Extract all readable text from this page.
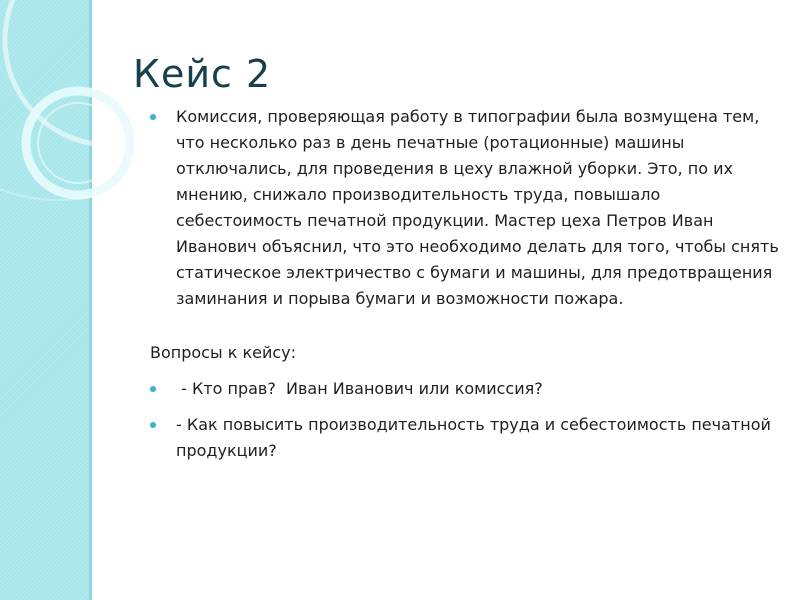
Кейс 2
Комиссия, проверяющая работу в типографии была возмущена тем, что несколько раз в день печатные (ротационные) машины отключались, для проведения в цеху влажной уборки. Это, по их мнению, снижало производительность труда, повышало себестоимость печатной продукции. Мастер цеха Петров Иван Иванович объяснил, что это необходимо делать для того, чтобы снять статическое электричество с бумаги и машины, для предотвращения заминания и порыва бумаги и возможности пожара.

Вопросы к кейсу:

- Кто прав?  Иван Иванович или комиссия?
- Как повысить производительность труда и себестоимость печатной продукции?
